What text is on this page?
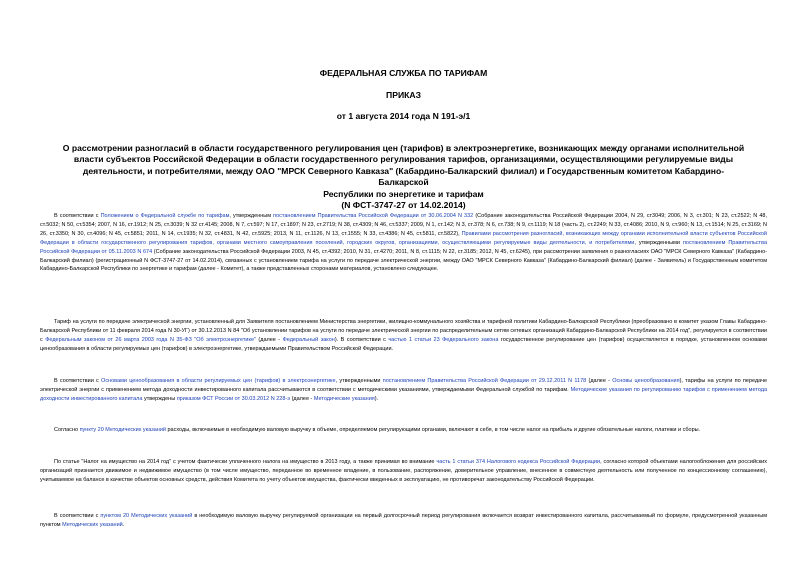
ФЕДЕРАЛЬНАЯ СЛУЖБА ПО ТАРИФАМ
ПРИКАЗ
от 1 августа 2014 года N 191-э/1
О рассмотрении разногласий в области государственного регулирования цен (тарифов) в электроэнергетике, возникающих между органами исполнительной
власти субъектов Российской Федерации в области государственного регулирования тарифов, организациями, осуществляющими регулируемые виды
деятельности, и потребителями, между ОАО "МРСК Северного Кавказа" (Кабардино-Балкарский филиал) и Государственным комитетом Кабардино-Балкарской
Республики по энергетике и тарифам
(N ФСТ-3747-27 от 14.02.2014)
В соответствии с Положением о Федеральной службе по тарифам, утвержденным постановлением Правительства Российской Федерации от 30.06.2004 N 332 (Собрание законодательства Российской Федерации 2004, N 29, ст3049; 2006, N 3, ст.301; N 23, ст.2522; N 48, ст.5032; N 50, ст.5354; 2007, N 16, ст.1912; N 25, ст.3039; N 32 ст.4145; 2008, N 7, ст.597; N 17, ст.1897; N 23, ст.2719; N 38, ст.4309; N 46, ст.5337; 2009, N 1, ст.142; N 3, ст.378; N 6, ст.738; N 9, ст.1119; N 18 (часть 2), ст.2249; N 33, ст.4086; 2010, N 9, ст.960; N 13, ст.1514; N 25, ст.3169; N 26, ст.3350; N 30, ст.4096; N 45, ст.5851; 2011, N 14, ст.1935; N 32, ст.4831, N 42, ст.5925; 2013, N 11, ст.1126, N 13, ст.1555; N 33, ст.4386; N 45, ст.5811, ст.5822), Правилами рассмотрения разногласий, возникающих между органами исполнительной власти субъектов Российской Федерации в области государственного регулирования тарифов, органами местного самоуправления поселений, городских округов, организациями, осуществляющими регулируемые виды деятельности, и потребителями, утвержденными постановлением Правительства Российской Федерации от 05.11.2003 N 674 (Собрание законодательства Российской Федерации 2003, N 45, ст.4392; 2010, N 31, ст.4270; 2011, N 8, ст.1115; N 22, ст.3185; 2012, N 45, ст.6245), при рассмотрении заявления о разногласиях ОАО "МРСК Северного Кавказа" (Кабардино-Балкарский филиал) (регистрационный N ФСТ-3747-27 от 14.02.2014), связанных с установлением тарифа на услуги по передаче электрической энергии, между ОАО "МРСК Северного Кавказа" (Кабардино-Балкарский филиал) (далее - Заявитель) и Государственным комитетом Кабардино-Балкарской Республики по энергетике и тарифам (далее - Комитет), а также представленных сторонами материалов, установлено следующее.
Тариф на услуги по передаче электрической энергии, установленный для Заявителя постановлением Министерства энергетики, жилищно-коммунального хозяйства и тарифной политики Кабардино-Балкарской Республики (преобразовано в комитет указом Главы Кабардино-Балкарской Республики от 11 февраля 2014 года N 30-УГ) от 30.12.2013 N 84 "Об установлении тарифов на услуги по передаче электрической энергии по распределительным сетям сетевых организаций Кабардино-Балкарской Республики на 2014 год", регулируется в соответствии с Федеральным законом от 26 марта 2003 года N 35-ФЗ "Об электроэнергетике" (далее - Федеральный закон). В соответствии с частью 1 статьи 23 Федерального закона государственное регулирование цен (тарифов) осуществляется в порядке, установленном основами ценообразования в области регулируемых цен (тарифов) в электроэнергетике, утверждаемыми Правительством Российской Федерации.
В соответствии с Основами ценообразования в области регулируемых цен (тарифов) в электроэнергетике, утвержденными постановлением Правительства Российской Федерации от 29.12.2011 N 1178 (далее - Основы ценообразования), тарифы на услуги по передаче электрической энергии с применением метода доходности инвестированного капитала рассчитываются в соответствии с методическими указаниями, утверждаемыми Федеральной службой по тарифам. Методические указания по регулированию тарифов с применением метода доходности инвестированного капитала утверждены приказом ФСТ России от 30.03.2012 N 228-э (далее - Методические указания).
Согласно пункту 20 Методических указаний расходы, включаемые в необходимую валовую выручку в объеме, определяемом регулирующими органами, включают в себя, в том числе налог на прибыль и другие обязательные налоги, платежи и сборы.
По статье "Налог на имущество на 2014 год" с учетом фактически уплаченного налога на имущество в 2013 году, а также принимая во внимание часть 1 статьи 374 Налогового кодекса Российской Федерации, согласно которой объектами налогообложения для российских организаций признается движимое и недвижимое имущество (в том числе имущество, переданное во временное владение, в пользование, распоряжение, доверительное управление, внесенное в совместную деятельность или полученное по концессионному соглашению), учитываемое на балансе в качестве объектов основных средств, действия Комитета по учету объектов имущества, фактически введенных в эксплуатацию, не противоречат законодательству Российской Федерации.
В соответствии с пунктом 20 Методических указаний в необходимую валовую выручку регулируемой организации на первый долгосрочный период регулирования включается возврат инвестированного капитала, рассчитываемый по формуле, предусмотренной указанным пунктом Методических указаний.
